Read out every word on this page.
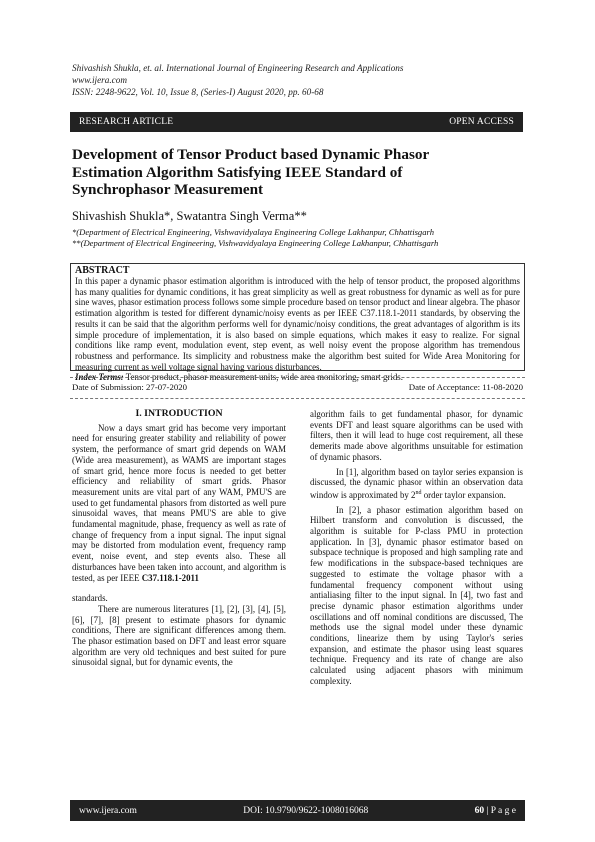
Shivashish Shukla, et. al. International Journal of Engineering Research and Applications
www.ijera.com
ISSN: 2248-9622, Vol. 10, Issue 8, (Series-I) August 2020, pp. 60-68
RESEARCH ARTICLE	OPEN ACCESS
Development of Tensor Product based Dynamic Phasor
Estimation Algorithm Satisfying IEEE Standard of
Synchrophasor Measurement
Shivashish Shukla*, Swatantra Singh Verma**
*(Department of Electrical Engineering, Vishwavidyalaya Engineering College Lakhanpur, Chhattisgarh
**(Department of Electrical Engineering, Vishwavidyalaya Engineering College Lakhanpur, Chhattisgarh
ABSTRACT
In this paper a dynamic phasor estimation algorithm is introduced with the help of tensor product, the proposed algorithms has many qualities for dynamic conditions, it has great simplicity as well as great robustness for dynamic as well as for pure sine waves, phasor estimation process follows some simple procedure based on tensor product and linear algebra. The phasor estimation algorithm is tested for different dynamic/noisy events as per IEEE C37.118.1-2011 standards, by observing the results it can be said that the algorithm performs well for dynamic/noisy conditions, the great advantages of algorithm is its simple procedure of implementation, it is also based on simple equations, which makes it easy to realize. For signal conditions like ramp event, modulation event, step event, as well noisy event the propose algorithm has tremendous robustness and performance. Its simplicity and robustness make the algorithm best suited for Wide Area Monitoring for measuring current as well voltage signal having various disturbances.
Index Terms: Tensor product, phasor measurement units, wide area monitoring, smart grids.
Date of Submission: 27-07-2020	Date of Acceptance: 11-08-2020
I. INTRODUCTION

Now a days smart grid has become very important need for ensuring greater stability and reliability of power system, the performance of smart grid depends on WAM (Wide area measurement), as WAMS are important stages of smart grid, hence more focus is needed to get better efficiency and reliability of smart grids. Phasor measurement units are vital part of any WAM, PMU'S are used to get fundamental phasors from distorted as well pure sinusoidal waves, that means PMU'S are able to give fundamental magnitude, phase, frequency as well as rate of change of frequency from a input signal. The input signal may be distorted from modulation event, frequency ramp event, noise event, and step events also. These all disturbances have been taken into account, and algorithm is tested, as per IEEE C37.118.1-2011

standards.

There are numerous literatures [1], [2], [3], [4], [5], [6], [7], [8] present to estimate phasors for dynamic conditions, There are significant differences among them. The phasor estimation based on DFT and least error square algorithm are very old techniques and best suited for pure sinusoidal signal, but for dynamic events, the

algorithm fails to get fundamental phasor, for dynamic events DFT and least square algorithms can be used with filters, then it will lead to huge cost requirement, all these demerits made above algorithms unsuitable for estimation of dynamic phasors.

In [1], algorithm based on taylor series expansion is discussed, the dynamic phasor within an observation data window is approximated by 2nd order taylor expansion.

In [2], a phasor estimation algorithm based on Hilbert transform and convolution is discussed, the algorithm is suitable for P-class PMU in protection application. In [3], dynamic phasor estimator based on subspace technique is proposed and high sampling rate and few modifications in the subspace-based techniques are suggested to estimate the voltage phasor with a fundamental frequency component without using antialiasing filter to the input signal. In [4], two fast and precise dynamic phasor estimation algorithms under oscillations and off nominal conditions are discussed, The methods use the signal model under these dynamic conditions, linearize them by using Taylor's series expansion, and estimate the phasor using least squares technique. Frequency and its rate of change are also calculated using adjacent phasors with minimum complexity.

www.ijera.com	DOI: 10.9790/9622-1008016068	60 | P a g e
